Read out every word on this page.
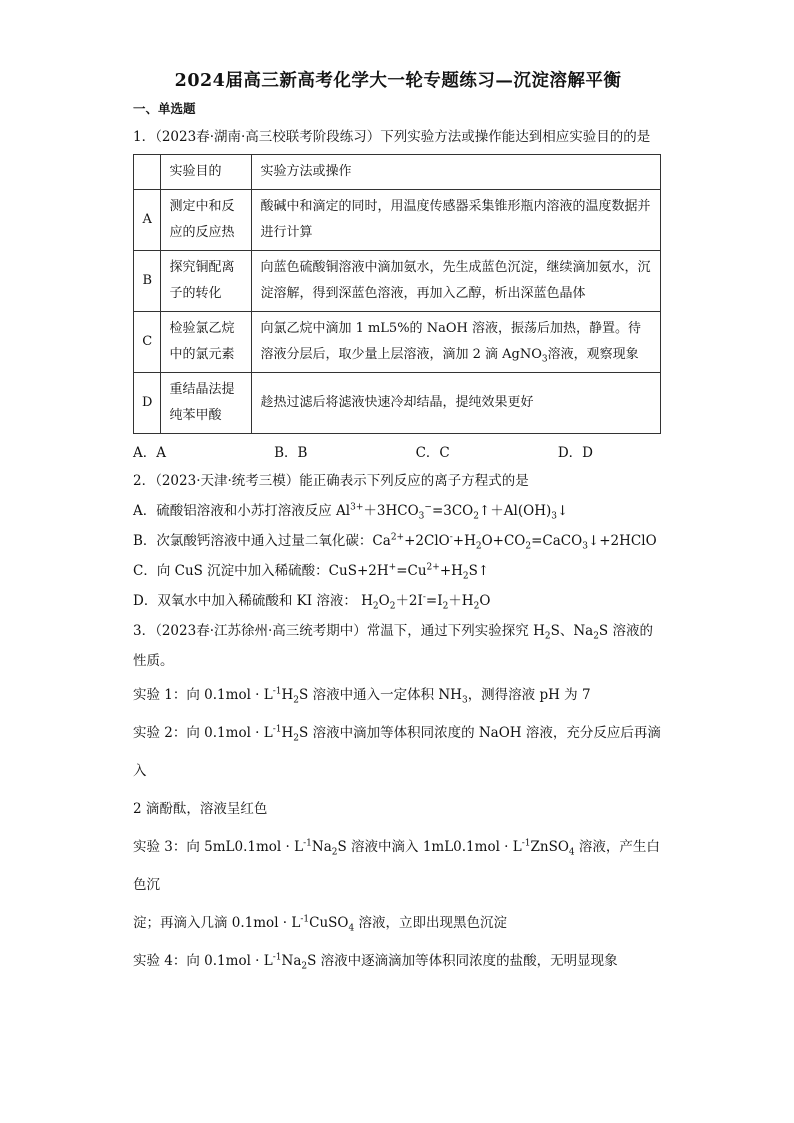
2024届高三新高考化学大一轮专题练习—沉淀溶解平衡
一、单选题

1．（2023春·湖南·高三校联考阶段练习）下列实验方法或操作能达到相应实验目的的是

	实验目的	实验方法或操作
A	测定中和反应的反应热	酸碱中和滴定的同时，用温度传感器采集锥形瓶内溶液的温度数据并进行计算
B	探究铜配离子的转化	向蓝色硫酸铜溶液中滴加氨水，先生成蓝色沉淀，继续滴加氨水，沉淀溶解，得到深蓝色溶液，再加入乙醇，析出深蓝色晶体
C	检验氯乙烷中的氯元素	向氯乙烷中滴加 1 mL5%的 NaOH 溶液，振荡后加热，静置。待溶液分层后，取少量上层溶液，滴加 2 滴 AgNO$_3$溶液，观察现象
D	重结晶法提纯苯甲酸	趁热过滤后将滤液快速冷却结晶，提纯效果更好
A．A	B．B	C．C	D．D

2．（2023·天津·统考三模）能正确表示下列反应的离子方程式的是

A．硫酸铝溶液和小苏打溶液反应 $Al^{3+}+3HCO_3^-=3CO_2↑+Al(OH)_3↓$

B．次氯酸钙溶液中通入过量二氧化碳：$Ca^{2+}+2ClO^-+H_2O+CO_2=CaCO_3↓+2HClO$

C．向 CuS 沉淀中加入稀硫酸：$CuS+2H^+=Cu^{2+}+H_2S↑$

D．双氧水中加入稀硫酸和 KI 溶液： $H_2O_2+2I^-=I_2+H_2O$

3．（2023春·江苏徐州·高三统考期中）常温下，通过下列实验探究 $H_2S$、$Na_2S$ 溶液的性质。

实验 1：向 $0.1mol \cdot L^{-1}H_2S$ 溶液中通入一定体积 $NH_3$，测得溶液 pH 为 7

实验 2：向 $0.1mol \cdot L^{-1}H_2S$ 溶液中滴加等体积同浓度的 NaOH 溶液，充分反应后再滴入

2 滴酚酞，溶液呈红色

实验 3：向 $5mL0.1mol \cdot L^{-1}Na_2S$ 溶液中滴入 $1mL0.1mol \cdot L^{-1}ZnSO_4$ 溶液，产生白色沉

淀；再滴入几滴 $0.1mol \cdot L^{-1}CuSO_4$ 溶液，立即出现黑色沉淀

实验 4：向 $0.1mol \cdot L^{-1}Na_2S$ 溶液中逐滴滴加等体积同浓度的盐酸，无明显现象
